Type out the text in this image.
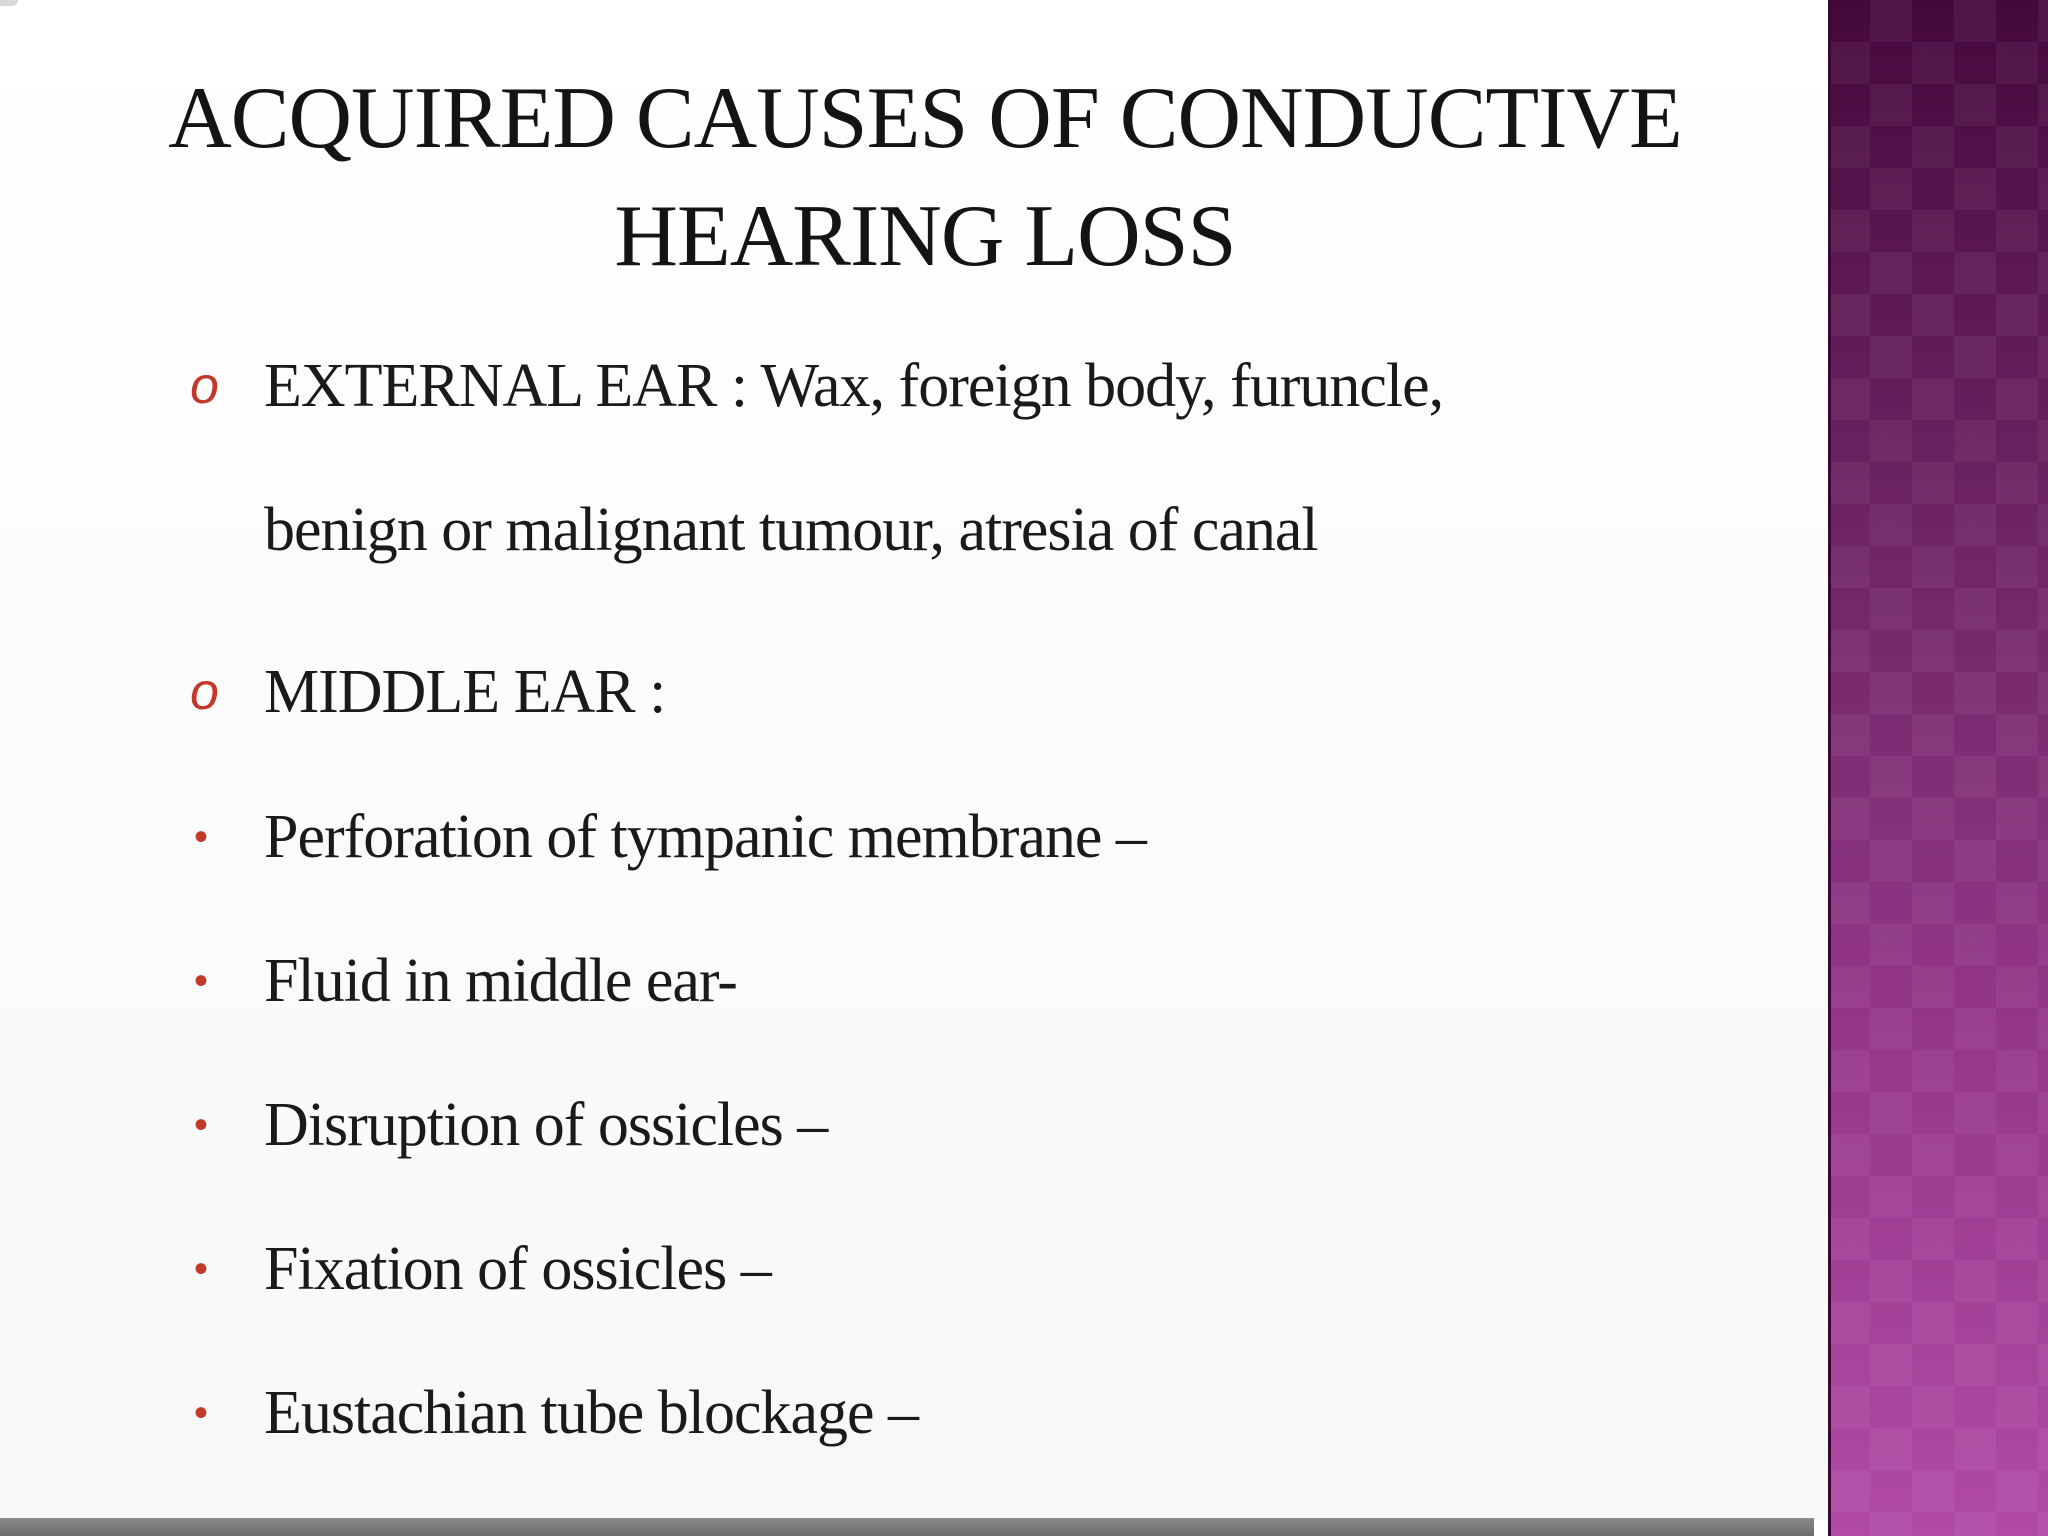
ACQUIRED CAUSES OF CONDUCTIVE HEARING LOSS
o EXTERNAL EAR : Wax, foreign body, furuncle,
benign or malignant tumour, atresia of canal
o MIDDLE EAR :
• Perforation of tympanic membrane –
• Fluid in middle ear-
• Disruption of ossicles –
• Fixation of ossicles –
• Eustachian tube blockage –
